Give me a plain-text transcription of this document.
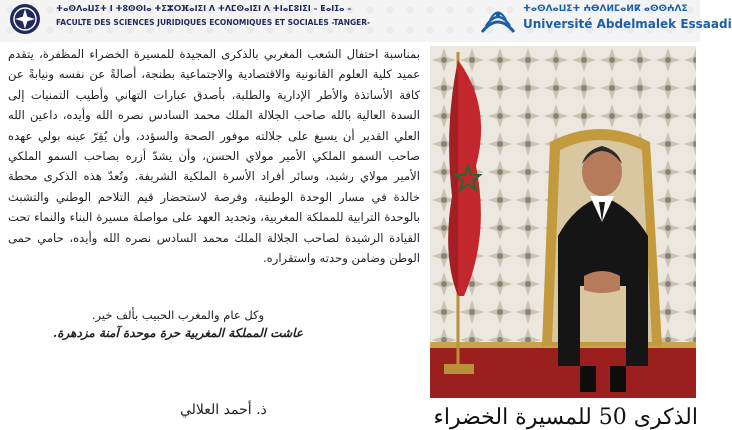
ⵜⴰⵙⴷⴰⵡⵉⵜ ⵏ ⵜⵓⵙⵙⵏⴰ ⵜⵉⵣⵔⴼⴰⵏⵉⵏ ⴷ ⵜⴷⵎⵙⴰⵏⵉⵏ ⴷ ⵜⵏⴰⵎⵓⵏⵉⵏ – ⵟⴰⵏⵊⴰ –
FACULTE DES SCIENCES JURIDIQUES ECONOMIQUES ET SOCIALES -TANGER-
ⵜⴰⵙⴷⴰⵡⵉⵜ ⵄⴱⴷⵍⵎⴰⵍⴽ ⴰⵙⵙⵄⴷⵉ
Université Abdelmalek Essaadi

بمناسبة احتفال الشعب المغربي بالذكرى المجيدة للمسيرة الخضراء المظفرة، يتقدم عميد كلية العلوم القانونية والاقتصادية والاجتماعية بطنجة، أصالةً عن نفسه ونيابةً عن كافة الأساتذة والأطر الإدارية والطلبة، بأصدق عبارات التهاني وأطيب التمنيات إلى السدة العالية بالله صاحب الجلالة الملك محمد السادس نصره الله وأيده، داعين الله العلي القدير أن يسبغ على جلالته موفور الصحة والسؤدد، وأن يُقِرّ عينه بولي عهده صاحب السمو الملكي الأمير مولاي الحسن، وأن يشدّ أزره بصاحب السمو الملكي الأمير مولاي رشيد، وسائر أفراد الأسرة الملكية الشريفة. وتُعدّ هذه الذكرى محطة خالدة في مسار الوحدة الوطنية، وفرصة لاستحضار قيم التلاحم الوطني والتشبث بالوحدة الترابية للمملكة المغربية، وتجديد العهد على مواصلة مسيرة البناء والنماء تحت القيادة الرشيدة لصاحب الجلالة الملك محمد السادس نصره الله وأيده، حامي حمى الوطن وضامن وحدته واستقراره.

وكل عام والمغرب الحبيب بألف خير.
عاشت المملكة المغربية حرة موحدة آمنة مزدهرة.
ذ. أحمد العلالي	الذكرى 50 للمسيرة الخضراء
